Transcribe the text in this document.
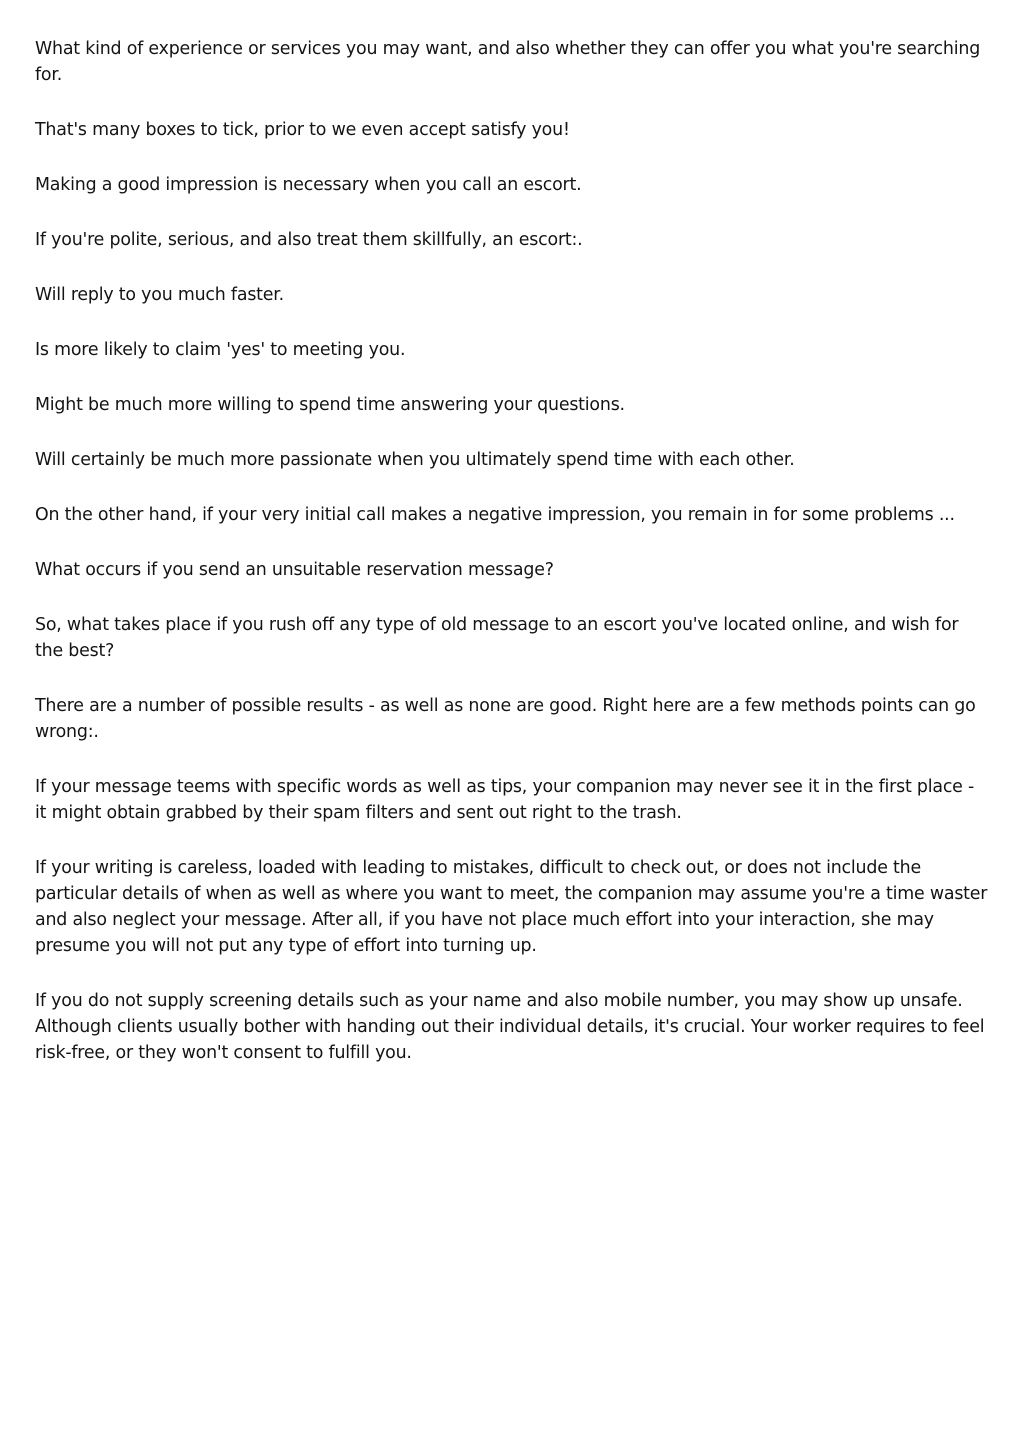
What kind of experience or services you may want, and also whether they can offer you what you're searching for.

That's many boxes to tick, prior to we even accept satisfy you!

Making a good impression is necessary when you call an escort.

If you're polite, serious, and also treat them skillfully, an escort:.

Will reply to you much faster.

Is more likely to claim 'yes' to meeting you.

Might be much more willing to spend time answering your questions.

Will certainly be much more passionate when you ultimately spend time with each other.

On the other hand, if your very initial call makes a negative impression, you remain in for some problems ...

What occurs if you send an unsuitable reservation message?

So, what takes place if you rush off any type of old message to an escort you've located online, and wish for the best?

There are a number of possible results - as well as none are good. Right here are a few methods points can go wrong:.

If your message teems with specific words as well as tips, your companion may never see it in the first place - it might obtain grabbed by their spam filters and sent out right to the trash.

If your writing is careless, loaded with leading to mistakes, difficult to check out, or does not include the particular details of when as well as where you want to meet, the companion may assume you're a time waster and also neglect your message. After all, if you have not place much effort into your interaction, she may presume you will not put any type of effort into turning up.

If you do not supply screening details such as your name and also mobile number, you may show up unsafe. Although clients usually bother with handing out their individual details, it's crucial. Your worker requires to feel risk-free, or they won't consent to fulfill you.
